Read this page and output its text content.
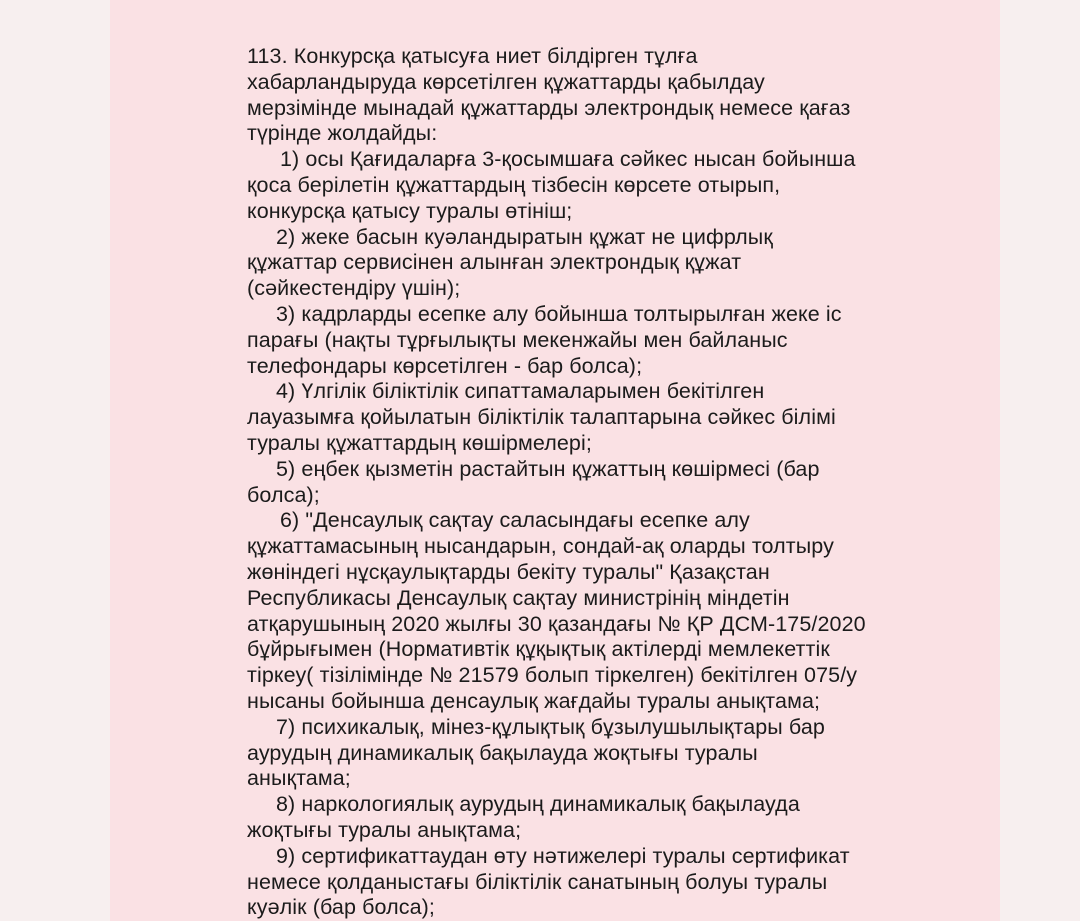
113. Конкурсқа қатысуға ниет білдірген тұлға
хабарландыруда көрсетілген құжаттарды қабылдау
мерзімінде мынадай құжаттарды электрондық немесе қағаз
түрінде жолдайды:
1) осы Қағидаларға 3-қосымшаға сәйкес нысан бойынша
қоса берілетін құжаттардың тізбесін көрсете отырып,
конкурсқа қатысу туралы өтініш;
2) жеке басын куәландыратын құжат не цифрлық
құжаттар сервисінен алынған электрондық құжат
(сәйкестендіру үшін);
3) кадрларды есепке алу бойынша толтырылған жеке іс
парағы (нақты тұрғылықты мекенжайы мен байланыс
телефондары көрсетілген - бар болса);
4) Үлгілік біліктілік сипаттамаларымен бекітілген
лауазымға қойылатын біліктілік талаптарына сәйкес білімі
туралы құжаттардың көшірмелері;
5) еңбек қызметін растайтын құжаттың көшірмесі (бар
болса);
6) "Денсаулық сақтау саласындағы есепке алу
құжаттамасының нысандарын, сондай-ақ оларды толтыру
жөніндегі нұсқаулықтарды бекіту туралы" Қазақстан
Республикасы Денсаулық сақтау министрінің міндетін
атқарушының 2020 жылғы 30 қазандағы № ҚР ДСМ-175/2020
бұйрығымен (Нормативтік құқықтық актілерді мемлекеттік
тіркеу( тізілімінде № 21579 болып тіркелген) бекітілген 075/у
нысаны бойынша денсаулық жағдайы туралы анықтама;
7) психикалық, мінез-құлықтық бұзылушылықтары бар
аурудың динамикалық бақылауда жоқтығы туралы
анықтама;
8) наркологиялық аурудың динамикалық бақылауда
жоқтығы туралы анықтама;
9) сертификаттаудан өту нәтижелері туралы сертификат
немесе қолданыстағы біліктілік санатының болуы туралы
куәлік (бар болса);
